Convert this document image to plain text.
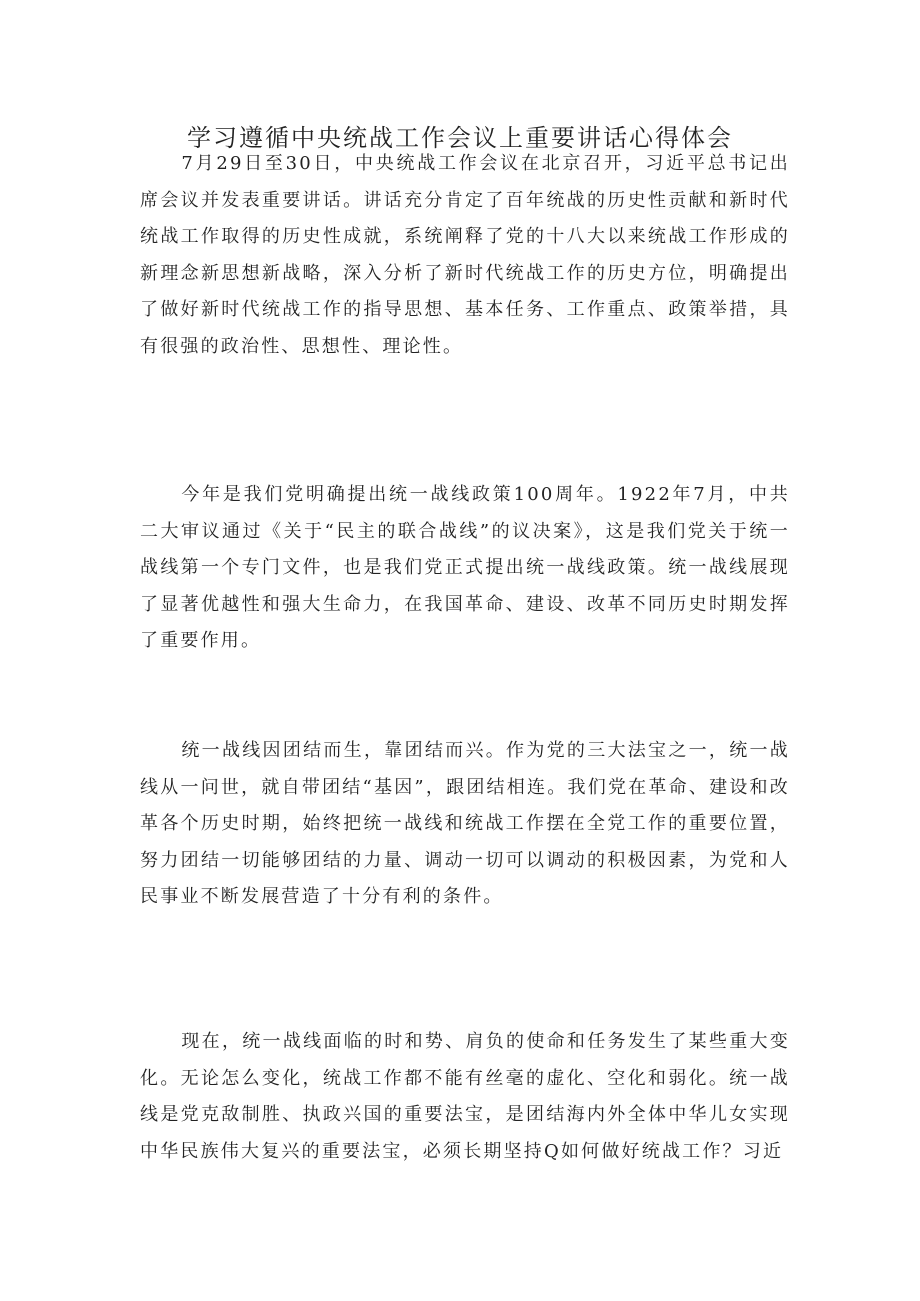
学习遵循中央统战工作会议上重要讲话心得体会

7月29日至30日，中央统战工作会议在北京召开，习近平总书记出席会议并发表重要讲话。讲话充分肯定了百年统战的历史性贡献和新时代统战工作取得的历史性成就，系统阐释了党的十八大以来统战工作形成的新理念新思想新战略，深入分析了新时代统战工作的历史方位，明确提出了做好新时代统战工作的指导思想、基本任务、工作重点、政策举措，具有很强的政治性、思想性、理论性。

今年是我们党明确提出统一战线政策100周年。1922年7月，中共二大审议通过《关于“民主的联合战线”的议决案》，这是我们党关于统一战线第一个专门文件，也是我们党正式提出统一战线政策。统一战线展现了显著优越性和强大生命力，在我国革命、建设、改革不同历史时期发挥了重要作用。

统一战线因团结而生，靠团结而兴。作为党的三大法宝之一，统一战线从一问世，就自带团结“基因”，跟团结相连。我们党在革命、建设和改革各个历史时期，始终把统一战线和统战工作摆在全党工作的重要位置，努力团结一切能够团结的力量、调动一切可以调动的积极因素，为党和人民事业不断发展营造了十分有利的条件。

现在，统一战线面临的时和势、肩负的使命和任务发生了某些重大变化。无论怎么变化，统战工作都不能有丝毫的虚化、空化和弱化。统一战线是党克敌制胜、执政兴国的重要法宝，是团结海内外全体中华儿女实现中华民族伟大复兴的重要法宝，必须长期坚持Q如何做好统战工作？习近
